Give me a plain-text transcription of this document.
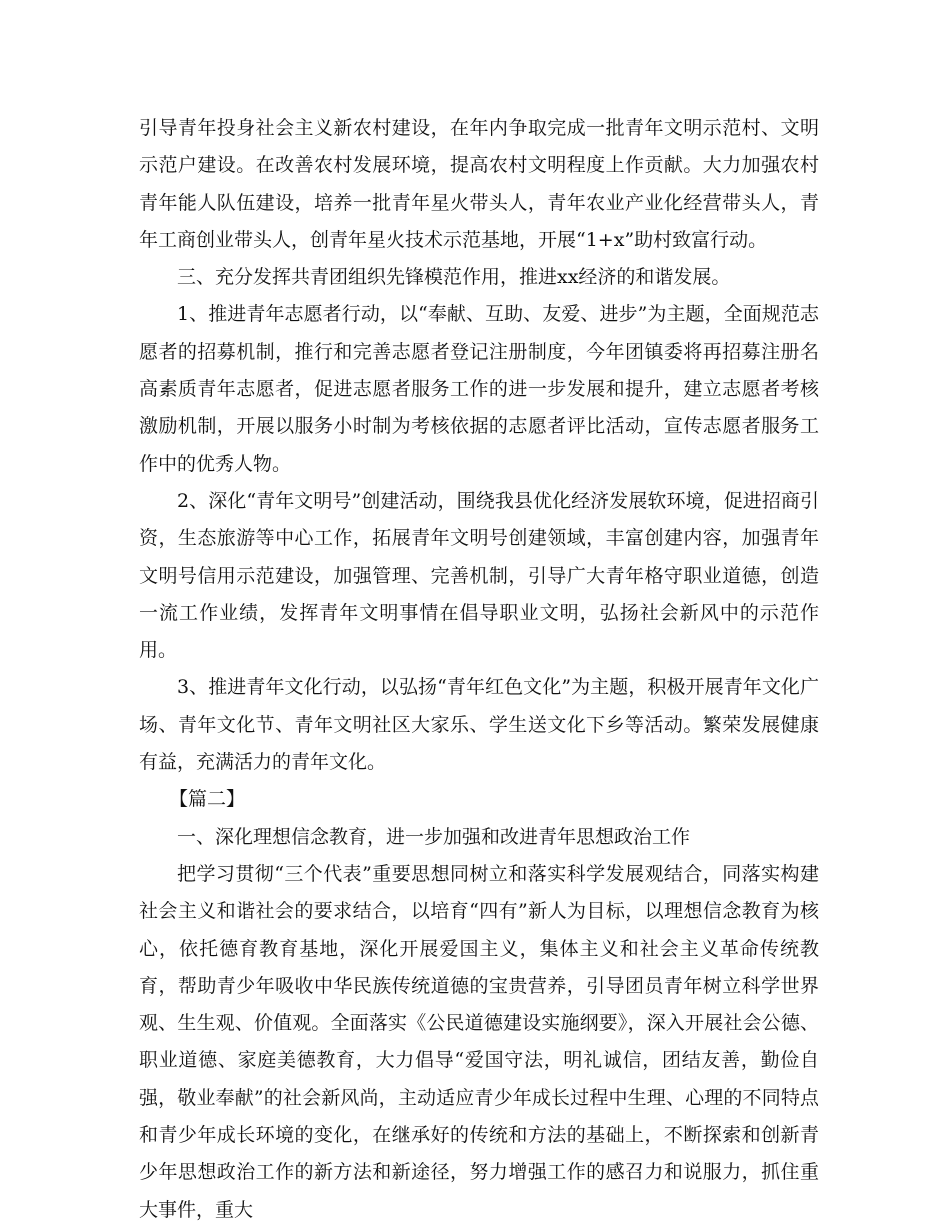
引导青年投身社会主义新农村建设，在年内争取完成一批青年文明示范村、文明示范户建设。在改善农村发展环境，提高农村文明程度上作贡献。大力加强农村青年能人队伍建设，培养一批青年星火带头人，青年农业产业化经营带头人，青年工商创业带头人，创青年星火技术示范基地，开展“1+x”助村致富行动。

三、充分发挥共青团组织先锋模范作用，推进xx经济的和谐发展。

1、推进青年志愿者行动，以“奉献、互助、友爱、进步”为主题，全面规范志愿者的招募机制，推行和完善志愿者登记注册制度，今年团镇委将再招募注册名高素质青年志愿者，促进志愿者服务工作的进一步发展和提升，建立志愿者考核激励机制，开展以服务小时制为考核依据的志愿者评比活动，宣传志愿者服务工作中的优秀人物。

2、深化“青年文明号”创建活动，围绕我县优化经济发展软环境，促进招商引资，生态旅游等中心工作，拓展青年文明号创建领域，丰富创建内容，加强青年文明号信用示范建设，加强管理、完善机制，引导广大青年格守职业道德，创造一流工作业绩，发挥青年文明事情在倡导职业文明，弘扬社会新风中的示范作用。

3、推进青年文化行动，以弘扬“青年红色文化”为主题，积极开展青年文化广场、青年文化节、青年文明社区大家乐、学生送文化下乡等活动。繁荣发展健康有益，充满活力的青年文化。

【篇二】

一、深化理想信念教育，进一步加强和改进青年思想政治工作

把学习贯彻“三个代表”重要思想同树立和落实科学发展观结合，同落实构建社会主义和谐社会的要求结合，以培育“四有”新人为目标，以理想信念教育为核心，依托德育教育基地，深化开展爱国主义，集体主义和社会主义革命传统教育，帮助青少年吸收中华民族传统道德的宝贵营养，引导团员青年树立科学世界观、生生观、价值观。全面落实《公民道德建设实施纲要》，深入开展社会公德、职业道德、家庭美德教育，大力倡导“爱国守法，明礼诚信，团结友善，勤俭自强，敬业奉献”的社会新风尚，主动适应青少年成长过程中生理、心理的不同特点和青少年成长环境的变化，在继承好的传统和方法的基础上，不断探索和创新青少年思想政治工作的新方法和新途径，努力增强工作的感召力和说服力，抓住重大事件，重大
